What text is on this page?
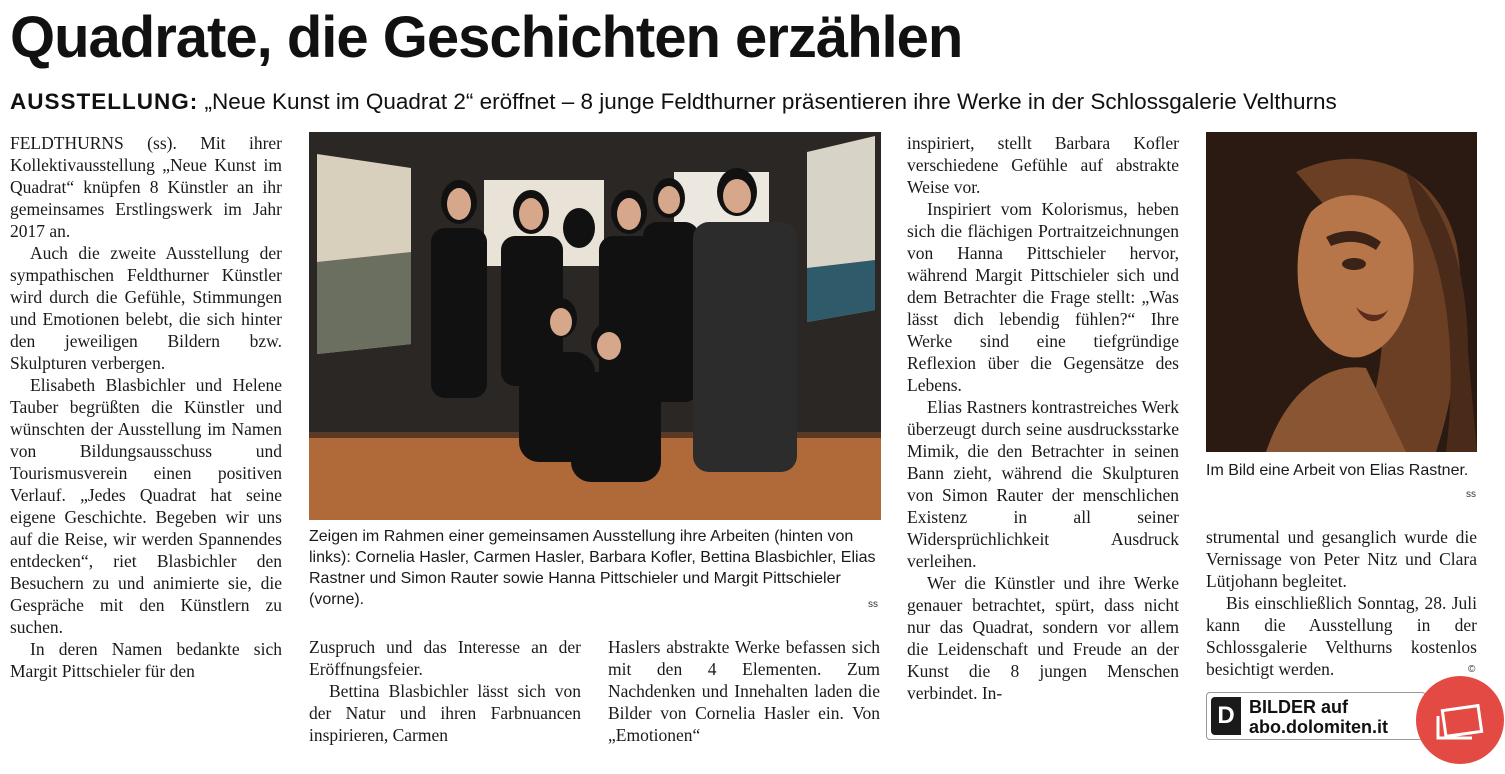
Quadrate, die Geschichten erzählen
AUSSTELLUNG: „Neue Kunst im Quadrat 2“ eröffnet – 8 junge Feldthurner präsentieren ihre Werke in der Schlossgalerie Velthurns

FELDTHURNS (ss). Mit ihrer Kollektivausstellung „Neue Kunst im Quadrat“ knüpfen 8 Künstler an ihr gemeinsames Erstlingswerk im Jahr 2017 an.

Auch die zweite Ausstellung der sympathischen Feldthurner Künstler wird durch die Gefühle, Stimmungen und Emotionen belebt, die sich hinter den jeweiligen Bildern bzw. Skulpturen verbergen.

Elisabeth Blasbichler und Helene Tauber begrüßten die Künstler und wünschten der Ausstellung im Namen von Bildungsausschuss und Tourismusverein einen positiven Verlauf. „Jedes Quadrat hat seine eigene Geschichte. Begeben wir uns auf die Reise, wir werden Spannendes entdecken“, riet Blasbichler den Besuchern zu und animierte sie, die Gespräche mit den Künstlern zu suchen.

In deren Namen bedankte sich Margit Pittschieler für den

Zeigen im Rahmen einer gemeinsamen Ausstellung ihre Arbeiten (hinten von links): Cornelia Hasler, Carmen Hasler, Barbara Kofler, Bettina Blasbichler, Elias Rastner und Simon Rauter sowie Hanna Pittschieler und Margit Pittschieler (vorne).	ss

Zuspruch und das Interesse an der Eröffnungsfeier.

Bettina Blasbichler lässt sich von der Natur und ihren Farbnuancen inspirieren, Carmen

Haslers abstrakte Werke befassen sich mit den 4 Elementen. Zum Nachdenken und Innehalten laden die Bilder von Cornelia Hasler ein. Von „Emotionen“

inspiriert, stellt Barbara Kofler verschiedene Gefühle auf abstrakte Weise vor.

Inspiriert vom Kolorismus, heben sich die flächigen Portraitzeichnungen von Hanna Pittschieler hervor, während Margit Pittschieler sich und dem Betrachter die Frage stellt: „Was lässt dich lebendig fühlen?“ Ihre Werke sind eine tiefgründige Reflexion über die Gegensätze des Lebens.

Elias Rastners kontrastreiches Werk überzeugt durch seine ausdrucksstarke Mimik, die den Betrachter in seinen Bann zieht, während die Skulpturen von Simon Rauter der menschlichen Existenz in all seiner Widersprüchlichkeit Ausdruck verleihen.

Wer die Künstler und ihre Werke genauer betrachtet, spürt, dass nicht nur das Quadrat, sondern vor allem die Leidenschaft und Freude an der Kunst die 8 jungen Menschen verbindet. In-

Im Bild eine Arbeit von Elias Rastner.
ss

strumental und gesanglich wurde die Vernissage von Peter Nitz und Clara Lütjohann begleitet.

Bis einschließlich Sonntag, 28. Juli kann die Ausstellung in der Schlossgalerie Velthurns kostenlos besichtigt werden.	©
D BILDER auf
abo.dolomiten.it
